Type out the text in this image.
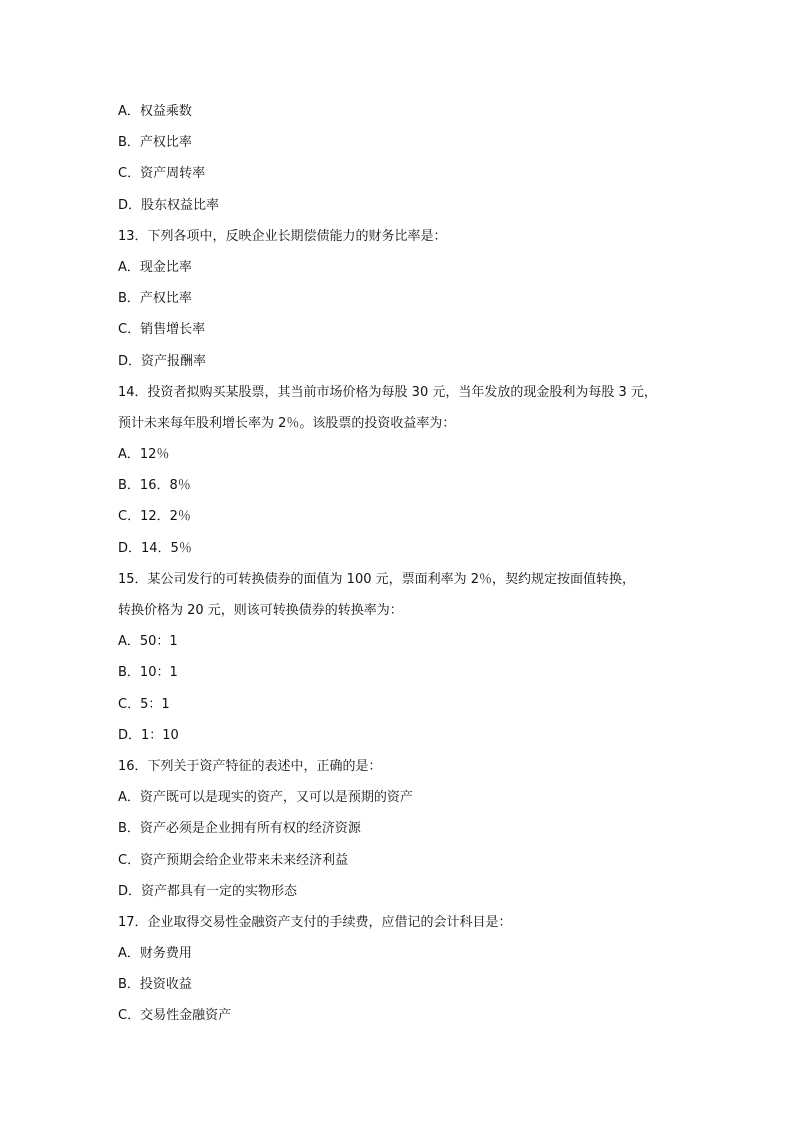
A．权益乘数
B．产权比率
C．资产周转率
D．股东权益比率
13．下列各项中，反映企业长期偿债能力的财务比率是：
A．现金比率
B．产权比率
C．销售增长率
D．资产报酬率
14．投资者拟购买某股票，其当前市场价格为每股 30 元，当年发放的现金股利为每股 3 元，
预计未来每年股利增长率为 2％。该股票的投资收益率为：
A．12％
B．16．8％
C．12．2％
D．14．5％
15．某公司发行的可转换债券的面值为 100 元，票面利率为 2％，契约规定按面值转换，
转换价格为 20 元，则该可转换债券的转换率为：
A．50：1
B．10：1
C．5：1
D．1：10
16．下列关于资产特征的表述中，正确的是：
A．资产既可以是现实的资产，又可以是预期的资产
B．资产必须是企业拥有所有权的经济资源
C．资产预期会给企业带来未来经济利益
D．资产都具有一定的实物形态
17．企业取得交易性金融资产支付的手续费，应借记的会计科目是：
A．财务费用
B．投资收益
C．交易性金融资产
